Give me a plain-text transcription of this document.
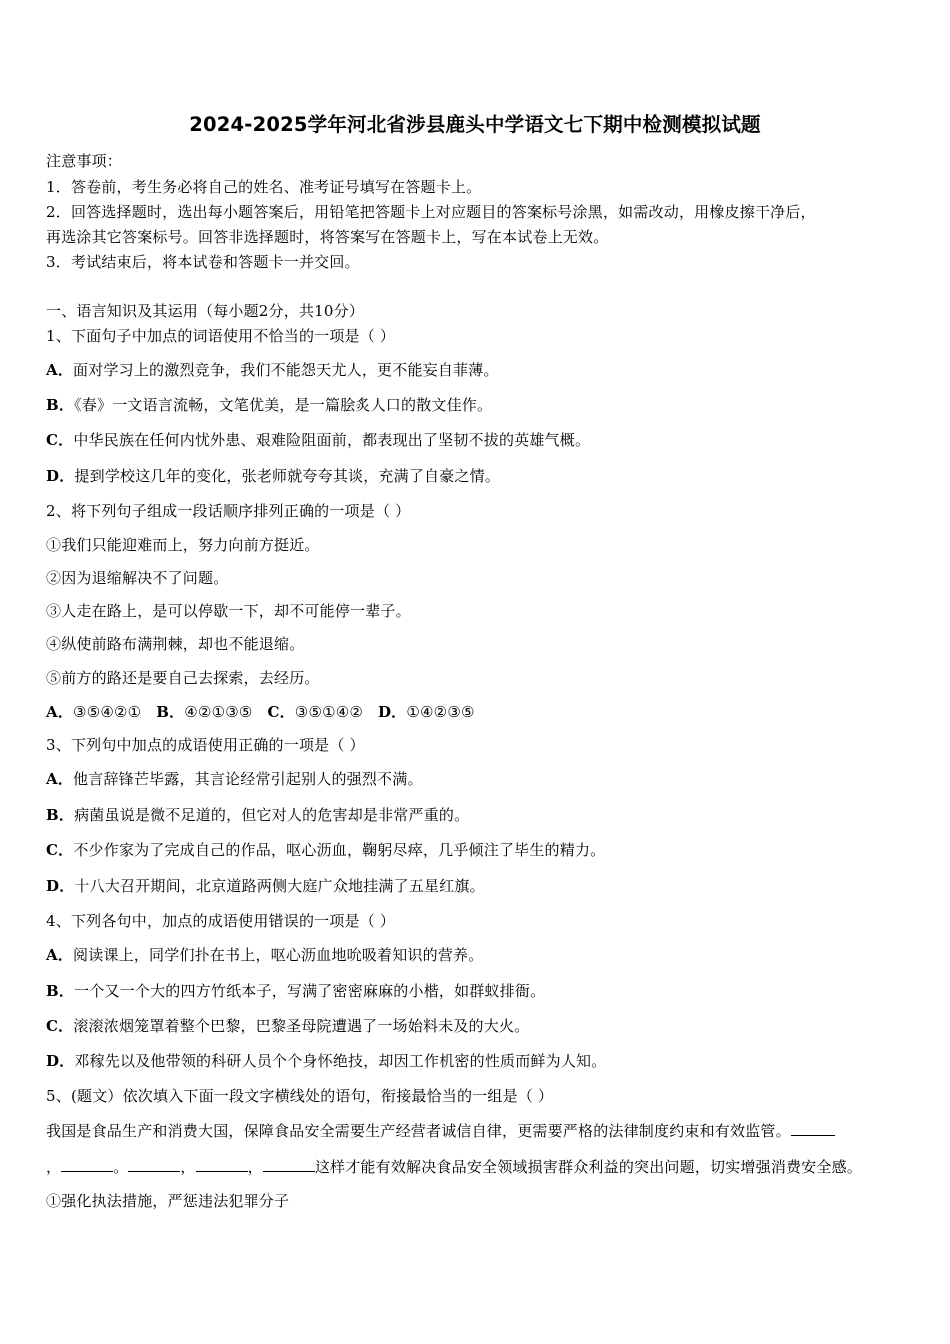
2024-2025学年河北省涉县鹿头中学语文七下期中检测模拟试题
注意事项：
1．答卷前，考生务必将自己的姓名、准考证号填写在答题卡上。
2．回答选择题时，选出每小题答案后，用铅笔把答题卡上对应题目的答案标号涂黑，如需改动，用橡皮擦干净后，
再选涂其它答案标号。回答非选择题时，将答案写在答题卡上，写在本试卷上无效。
3．考试结束后，将本试卷和答题卡一并交回。
一、语言知识及其运用（每小题2分，共10分）
1、下面句子中加点的词语使用不恰当的一项是（ ）
A．面对学习上的激烈竞争，我们不能怨天尤人，更不能妄自菲薄。
B．《春》一文语言流畅，文笔优美，是一篇脍炙人口的散文佳作。
C．中华民族在任何内忧外患、艰难险阻面前，都表现出了坚韧不拔的英雄气概。
D．提到学校这几年的变化，张老师就夸夸其谈，充满了自豪之情。
2、将下列句子组成一段话顺序排列正确的一项是（ ）
①我们只能迎难而上，努力向前方挺近。
②因为退缩解决不了问题。
③人走在路上，是可以停歇一下，却不可能停一辈子。
④纵使前路布满荆棘，却也不能退缩。
⑤前方的路还是要自己去探索，去经历。
A．③⑤④②① B．④②①③⑤ C．③⑤①④② D．①④②③⑤
3、下列句中加点的成语使用正确的一项是（ ）
A．他言辞锋芒毕露，其言论经常引起别人的强烈不满。
B．病菌虽说是微不足道的，但它对人的危害却是非常严重的。
C．不少作家为了完成自己的作品，呕心沥血，鞠躬尽瘁，几乎倾注了毕生的精力。
D．十八大召开期间，北京道路两侧大庭广众地挂满了五星红旗。
4、下列各句中，加点的成语使用错误的一项是（ ）
A．阅读课上，同学们扑在书上，呕心沥血地吮吸着知识的营养。
B．一个又一个大的四方竹纸本子，写满了密密麻麻的小楷，如群蚁排衙。
C．滚滚浓烟笼罩着整个巴黎，巴黎圣母院遭遇了一场始料未及的大火。
D．邓稼先以及他带领的科研人员个个身怀绝技，却因工作机密的性质而鲜为人知。
5、(题文）依次填入下面一段文字横线处的语句，衔接最恰当的一组是（ ）
我国是食品生产和消费大国，保障食品安全需要生产经营者诚信自律，更需要严格的法律制度约束和有效监管。
，	。	，	，	这样才能有效解决食品安全领域损害群众利益的突出问题，切实增强消费安全感。
①强化执法措施，严惩违法犯罪分子
